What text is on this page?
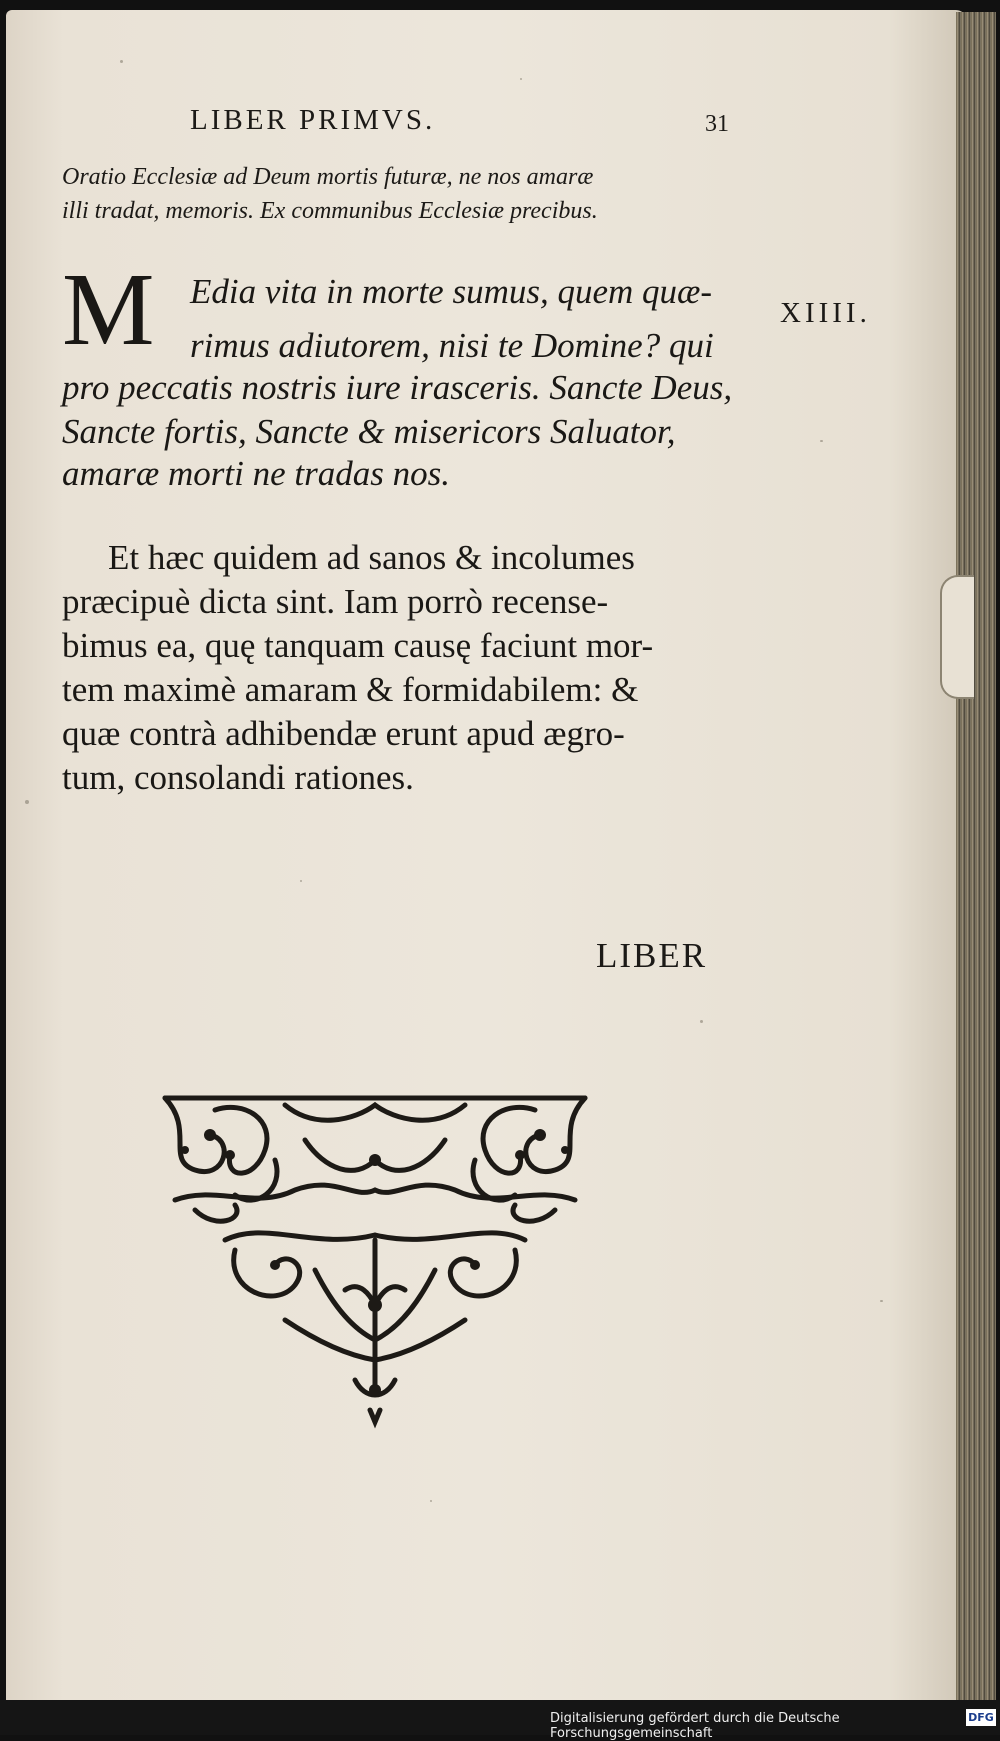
LIBER PRIMVS.	31
Oratio Ecclesiæ ad Deum mortis futuræ, ne nos amaræ
illi tradat, memoris. Ex communibus Ecclesiæ precibus.
M Edia vita in morte sumus, quem quæ-
rimus adiutorem, nisi te Domine? qui
pro peccatis nostris iure irasceris. Sancte Deus,
Sancte fortis, Sancte & misericors Saluator,
amaræ morti ne tradas nos.
XIIII.
Et hæc quidem ad sanos & incolumes
præcipuè dicta sint. Iam porrò recense-
bimus ea, quę tanquam causę faciunt mor-
tem maximè amaram & formidabilem: &
quæ contrà adhibendæ erunt apud ægro-
tum, consolandi rationes.
LIBER
Digitalisierung gefördert durch die Deutsche Forschungsgemeinschaft
DFG
